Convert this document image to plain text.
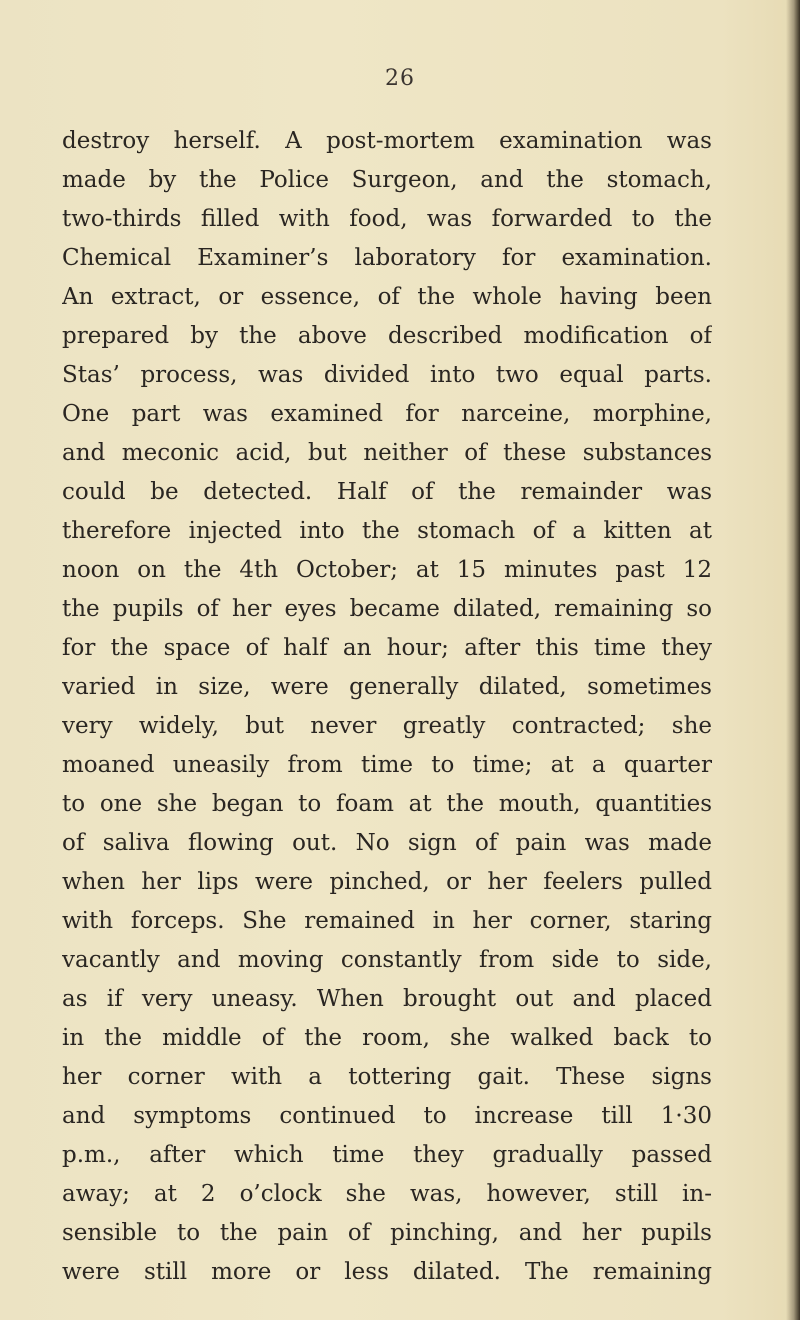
26
destroy herself. A post-mortem examination was
made by the Police Surgeon, and the stomach,
two-thirds filled with food, was forwarded to the
Chemical Examiner’s laboratory for examination.
An extract, or essence, of the whole having been
prepared by the above described modification of
Stas’ process, was divided into two equal parts.
One part was examined for narceine, morphine,
and meconic acid, but neither of these substances
could be detected. Half of the remainder was
therefore injected into the stomach of a kitten at
noon on the 4th October; at 15 minutes past 12
the pupils of her eyes became dilated, remaining so
for the space of half an hour; after this time they
varied in size, were generally dilated, sometimes
very widely, but never greatly contracted; she
moaned uneasily from time to time; at a quarter
to one she began to foam at the mouth, quantities
of saliva flowing out. No sign of pain was made
when her lips were pinched, or her feelers pulled
with forceps. She remained in her corner, staring
vacantly and moving constantly from side to side,
as if very uneasy. When brought out and placed
in the middle of the room, she walked back to
her corner with a tottering gait. These signs
and symptoms continued to increase till 1·30
p.m., after which time they gradually passed
away; at 2 o’clock she was, however, still in-
sensible to the pain of pinching, and her pupils
were still more or less dilated. The remaining
